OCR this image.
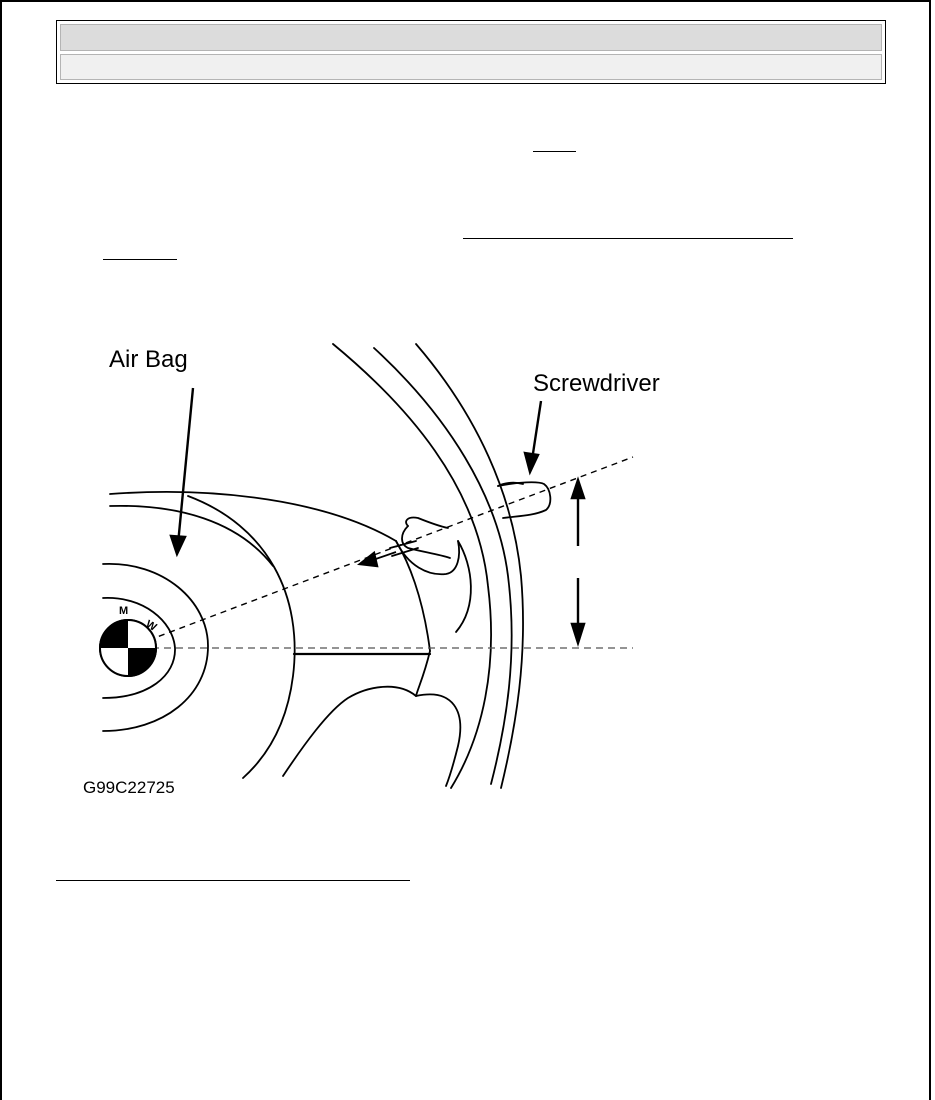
M
W
Air Bag
Screwdriver
G99C22725
